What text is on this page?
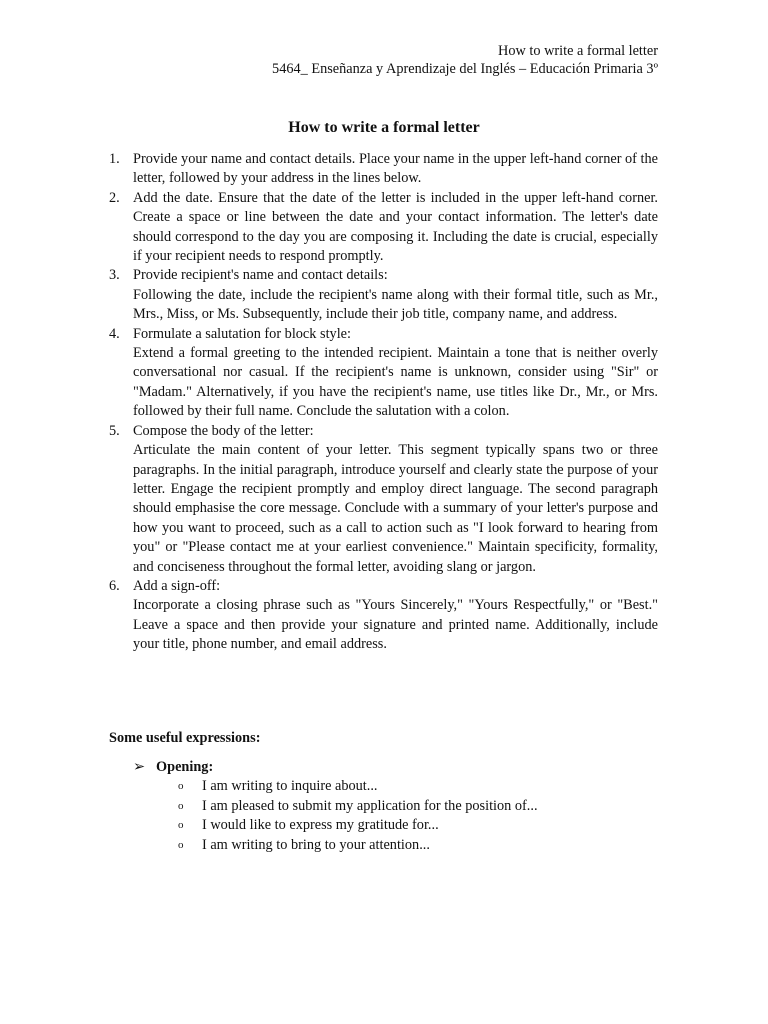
How to write a formal letter
5464_ Enseñanza y Aprendizaje del Inglés – Educación Primaria 3º
How to write a formal letter
1. Provide your name and contact details. Place your name in the upper left-hand corner of the letter, followed by your address in the lines below.

2. Add the date. Ensure that the date of the letter is included in the upper left-hand corner. Create a space or line between the date and your contact information. The letter's date should correspond to the day you are composing it. Including the date is crucial, especially if your recipient needs to respond promptly.

3. Provide recipient's name and contact details:

Following the date, include the recipient's name along with their formal title, such as Mr., Mrs., Miss, or Ms. Subsequently, include their job title, company name, and address.

4. Formulate a salutation for block style:

Extend a formal greeting to the intended recipient. Maintain a tone that is neither overly conversational nor casual. If the recipient's name is unknown, consider using "Sir" or "Madam." Alternatively, if you have the recipient's name, use titles like Dr., Mr., or Mrs. followed by their full name. Conclude the salutation with a colon.

5. Compose the body of the letter:

Articulate the main content of your letter. This segment typically spans two or three paragraphs. In the initial paragraph, introduce yourself and clearly state the purpose of your letter. Engage the recipient promptly and employ direct language. The second paragraph should emphasise the core message. Conclude with a summary of your letter's purpose and how you want to proceed, such as a call to action such as "I look forward to hearing from you" or "Please contact me at your earliest convenience." Maintain specificity, formality, and conciseness throughout the formal letter, avoiding slang or jargon.

6. Add a sign-off:

Incorporate a closing phrase such as "Yours Sincerely," "Yours Respectfully," or "Best." Leave a space and then provide your signature and printed name. Additionally, include your title, phone number, and email address.

Some useful expressions:
➢ Opening:
o	I am writing to inquire about...
o	I am pleased to submit my application for the position of...
o	I would like to express my gratitude for...
o	I am writing to bring to your attention...
